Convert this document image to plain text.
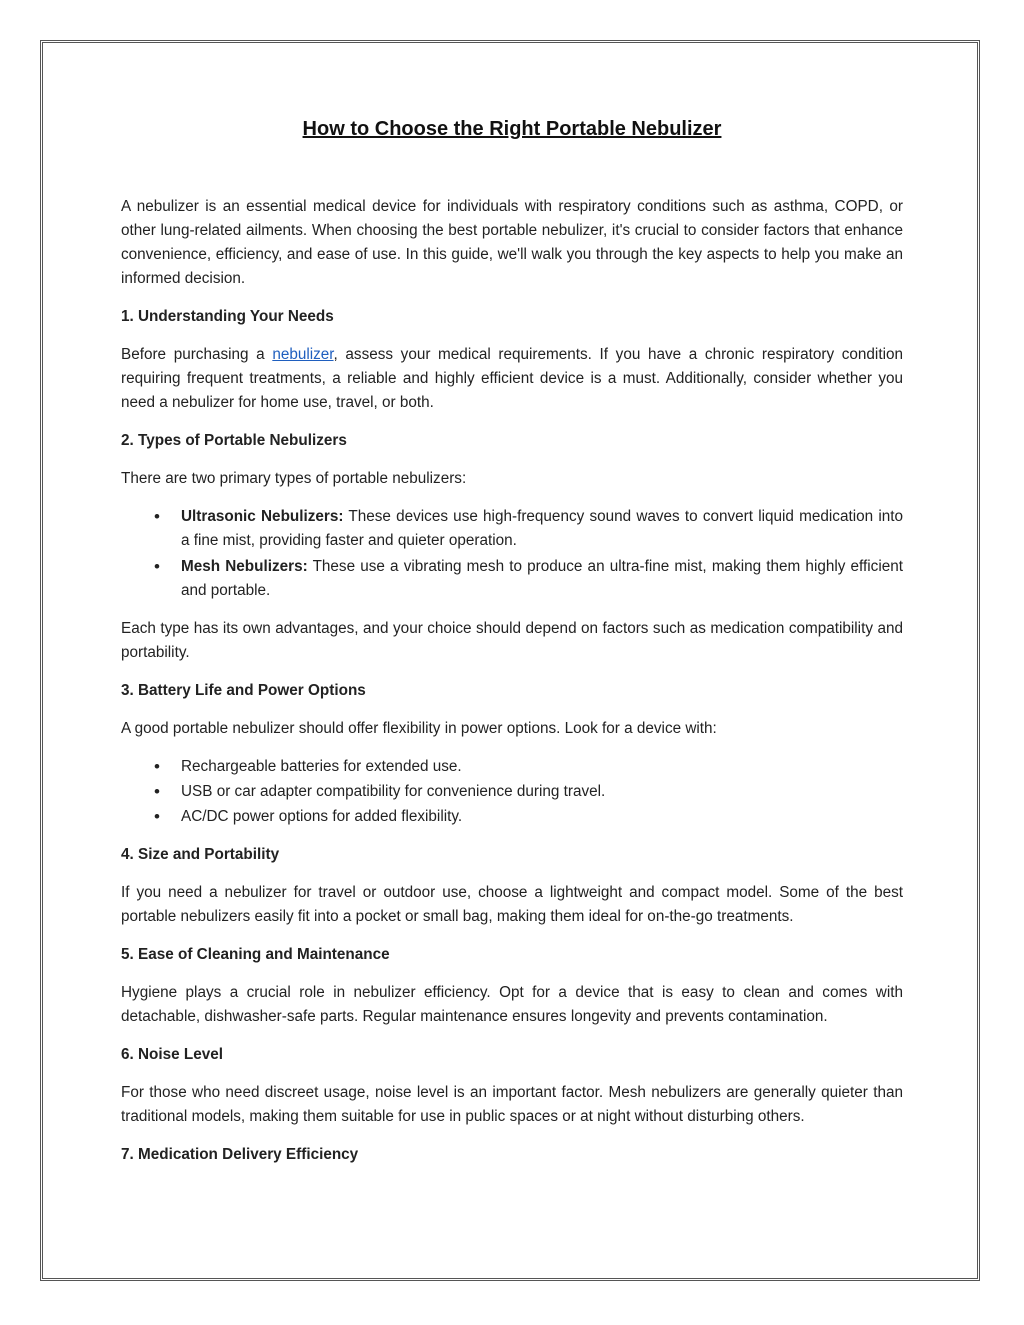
How to Choose the Right Portable Nebulizer

A nebulizer is an essential medical device for individuals with respiratory conditions such as asthma, COPD, or other lung-related ailments. When choosing the best portable nebulizer, it's crucial to consider factors that enhance convenience, efficiency, and ease of use. In this guide, we'll walk you through the key aspects to help you make an informed decision.

1. Understanding Your Needs

Before purchasing a nebulizer, assess your medical requirements. If you have a chronic respiratory condition requiring frequent treatments, a reliable and highly efficient device is a must. Additionally, consider whether you need a nebulizer for home use, travel, or both.

2. Types of Portable Nebulizers

There are two primary types of portable nebulizers:

• Ultrasonic Nebulizers: These devices use high-frequency sound waves to convert liquid medication into a fine mist, providing faster and quieter operation.
• Mesh Nebulizers: These use a vibrating mesh to produce an ultra-fine mist, making them highly efficient and portable.

Each type has its own advantages, and your choice should depend on factors such as medication compatibility and portability.

3. Battery Life and Power Options

A good portable nebulizer should offer flexibility in power options. Look for a device with:

• Rechargeable batteries for extended use.
• USB or car adapter compatibility for convenience during travel.
• AC/DC power options for added flexibility.

4. Size and Portability

If you need a nebulizer for travel or outdoor use, choose a lightweight and compact model. Some of the best portable nebulizers easily fit into a pocket or small bag, making them ideal for on-the-go treatments.

5. Ease of Cleaning and Maintenance

Hygiene plays a crucial role in nebulizer efficiency. Opt for a device that is easy to clean and comes with detachable, dishwasher-safe parts. Regular maintenance ensures longevity and prevents contamination.

6. Noise Level

For those who need discreet usage, noise level is an important factor. Mesh nebulizers are generally quieter than traditional models, making them suitable for use in public spaces or at night without disturbing others.

7. Medication Delivery Efficiency
